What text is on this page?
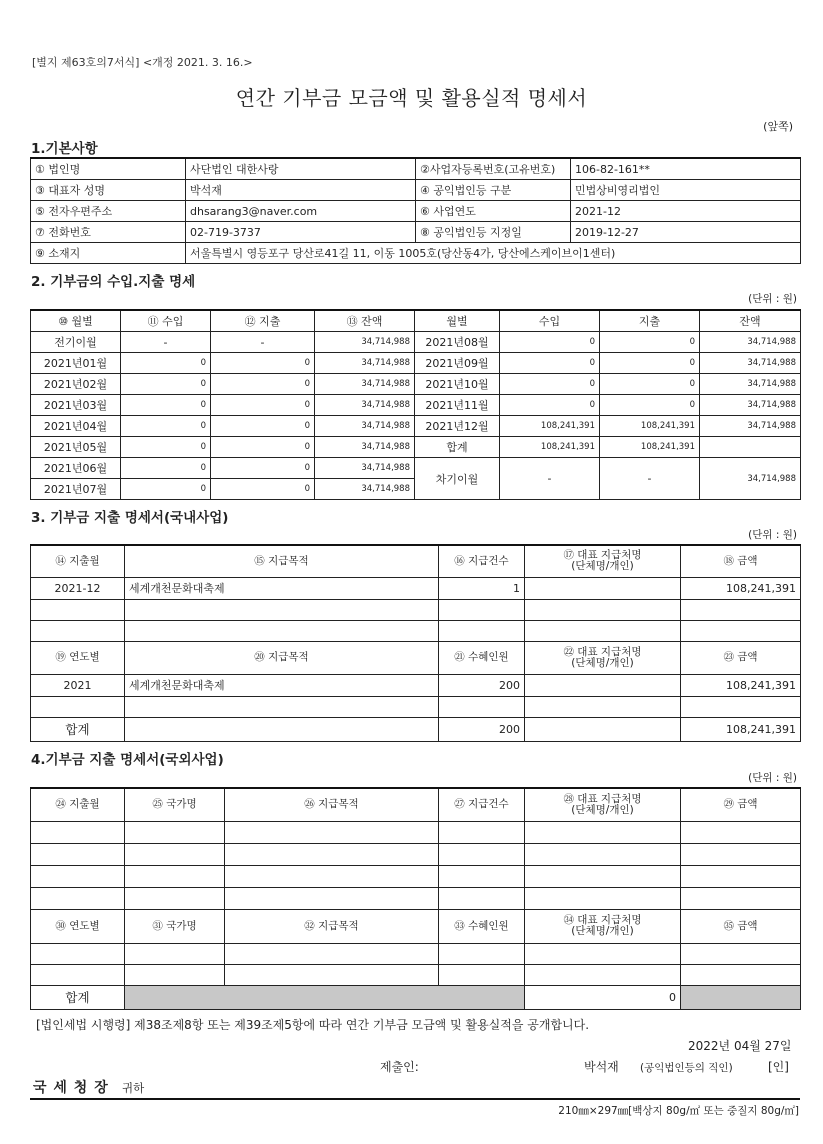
[별지 제63호의7서식] <개정 2021. 3. 16.>
연간 기부금 모금액 및 활용실적 명세서
(앞쪽)
1.기본사항
① 법인명	사단법인 대한사랑	②사업자등록번호(고유번호)	106-82-161**
③ 대표자 성명	박석재	④ 공익법인등 구분	민법상비영리법인
⑤ 전자우편주소	dhsarang3@naver.com	⑥ 사업연도	2021-12
⑦ 전화번호	02-719-3737	⑧ 공익법인등 지정일	2019-12-27
⑨ 소재지	서울특별시 영등포구 당산로41길 11, 이동 1005호(당산동4가, 당산에스케이브이1센터)		
2. 기부금의 수입.지출 명세
(단위 : 원)
⑩ 월별	⑪ 수입	⑫ 지출	⑬ 잔액	월별	수입	지출	잔액
전기이월	-	-	34,714,988	2021년08월	0	0	34,714,988
2021년01월	0	0	34,714,988	2021년09월	0	0	34,714,988
2021년02월	0	0	34,714,988	2021년10월	0	0	34,714,988
2021년03월	0	0	34,714,988	2021년11월	0	0	34,714,988
2021년04월	0	0	34,714,988	2021년12월	108,241,391	108,241,391	34,714,988
2021년05월	0	0	34,714,988	합계	108,241,391	108,241,391	
2021년06월	0	0	34,714,988	차기이월	-	-	34,714,988
2021년07월	0	0	34,714,988				
3. 기부금 지출 명세서(국내사업)
(단위 : 원)
⑭ 지출월	⑮ 지급목적	⑯ 지급건수	⑰ 대표 지급처명
(단체명/개인)	⑱ 금액
2021-12	세계개천문화대축제	1		108,241,391

⑲ 연도별	⑳ 지급목적	㉑ 수혜인원	㉒ 대표 지급처명
(단체명/개인)	㉓ 금액
2021	세계개천문화대축제	200		108,241,391

합계		200		108,241,391
4.기부금 지출 명세서(국외사업)
(단위 : 원)
㉔ 지출월	㉕ 국가명	㉖ 지급목적	㉗ 지급건수	㉘ 대표 지급처명
(단체명/개인)	㉙ 금액	

㉚ 연도별	㉛ 국가명	㉜ 지급목적	㉝ 수혜인원	㉞ 대표 지급처명
(단체명/개인)	㉟ 금액	

합계				0		
[법인세법 시행령] 제38조제8항 또는 제39조제5항에 따라 연간 기부금 모금액 및 활용실적을 공개합니다.
2022년 04월 27일
제출인:	박석재 (공익법인등의 직인)	[인]
국 세 청 장 귀하
210㎜×297㎜[백상지 80g/㎡ 또는 중질지 80g/㎡]
